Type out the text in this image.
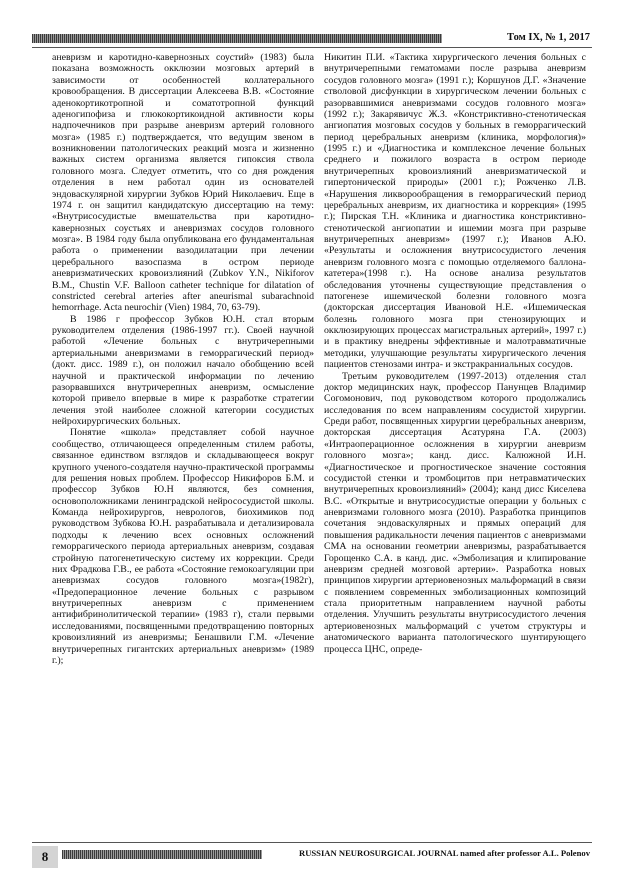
Том IX, № 1, 2017

аневризм и каротидно-кавернозных соустий» (1983) была показана возможность окклюзии мозговых артерий в зависимости от особенностей коллатерального кровообращения. В диссертации Алексеева В.В. «Состояние аденокортикотропной и соматотропной функций аденогипофиза и глюкокортикоидной активности коры надпочечников при разрыве аневризм артерий головного мозга» (1985 г.) подтверждается, что ведущим звеном в возникновении патологических реакций мозга и жизненно важных систем организма является гипоксия ствола головного мозга. Следует отметить, что со дня рождения отделения в нем работал один из основателей эндоваскулярной хирургии Зубков Юрий Николаевич. Еще в 1974 г. он защитил кандидатскую диссертацию на тему: «Внутрисосудистые вмешательства при каротидно-кавернозных соустьях и аневризмах сосудов головного мозга». В 1984 году была опубликована его фундаментальная работа о применении вазодилатации при лечении церебрального вазоспазма в остром периоде аневризматических кровоизлияний (Zubkov Y.N., Nikiforov B.M., Chustin V.F. Balloon catheter technique for dilatation of constricted cerebral arteries after aneurismal subarachnoid hemorrhage. Acta neurochir (Vien) 1984, 70, 63-79).

В 1986 г профессор Зубков Ю.Н. стал вторым руководителем отделения (1986-1997 гг.). Своей научной работой «Лечение больных с внутричерепными артериальными аневризмами в геморрагический период» (докт. дисс. 1989 г.), он положил начало обобщению всей научной и практической информации по лечению разорвавшихся внутричерепных аневризм, осмысление которой привело впервые в мире к разработке стратегии лечения этой наиболее сложной категории сосудистых нейрохирургических больных.

Понятие «школа» представляет собой научное сообщество, отличающееся определенным стилем работы, связанное единством взглядов и складывающееся вокруг крупного ученого-создателя научно-практической программы для решения новых проблем. Профессор Никифоров Б.М. и профессор Зубков Ю.Н являются, без сомнения, основоположниками ленинградской нейрососудистой школы. Команда нейрохирургов, неврологов, биохимиков под руководством Зубкова Ю.Н. разрабатывала и детализировала подходы к лечению всех основных осложнений геморрагического периода артериальных аневризм, создавая стройную патогенетическую систему их коррекции. Среди них Фрадкова Г.В., ее работа «Состояние гемокоагуляции при аневризмах сосудов головного мозга»(1982г), «Предоперационное лечение больных с разрывом внутричерепных аневризм с применением антифибринолитической терапии» (1983 г), стали первыми исследованиями, посвященными предотвращению повторных кровоизлияний из аневризмы; Бенашвили Г.М. «Лечение внутричерепных гигантских артериальных аневризм» (1989 г.);

Никитин П.И. «Тактика хирургического лечения больных с внутричерепными гематомами после разрыва аневризм сосудов головного мозга» (1991 г.); Коршунов Д.Г. «Значение стволовой дисфункции в хирургическом лечении больных с разорвавшимися аневризмами сосудов головного мозга» (1992 г.); Закарявичус Ж.З. «Констриктивно-стенотическая ангиопатия мозговых сосудов у больных в геморрагический период церебральных аневризм (клиника, морфология)» (1995 г.) и «Диагностика и комплексное лечение больных среднего и пожилого возраста в остром периоде внутричерепных кровоизлияний аневризматической и гипертонической природы» (2001 г.); Рожченко Л.В. «Нарушения ликворообращения в геморрагический период церебральных аневризм, их диагностика и коррекция» (1995 г.); Пирская Т.Н. «Клиника и диагностика констриктивно-стенотической ангиопатии и ишемии мозга при разрыве внутричерепных аневризм» (1997 г.); Иванов А.Ю. «Результаты и осложнения внутрисосудистого лечения аневризм головного мозга с помощью отделяемого баллона-катетера»(1998 г.). На основе анализа результатов обследования уточнены существующие представления о патогенезе ишемической болезни головного мозга (докторская диссертация Ивановой Н.Е. «Ишемическая болезнь головного мозга при стенозирующих и окклюзирующих процессах магистральных артерий», 1997 г.) и в практику внедрены эффективные и малотравматичные методики, улучшающие результаты хирургического лечения пациентов стенозами интра- и экстракраниальных сосудов.

Третьим руководителем (1997-2013) отделения стал доктор медицинских наук, профессор Панунцев Владимир Согомонович, под руководством которого продолжались исследования по всем направлениям сосудистой хирургии. Среди работ, посвященных хирургии церебральных аневризм, докторская диссертация Асатуряна Г.А. (2003) «Интраоперационное осложнения в хирургии аневризм головного мозга»; канд. дисс. Калюжной И.Н. «Диагностическое и прогностическое значение состояния сосудистой стенки и тромбоцитов при нетравматических внутричерепных кровоизлияний» (2004); канд дисс Киселева В.С. «Открытые и внутрисосудистые операции у больных с аневризмами головного мозга (2010). Разработка принципов сочетания эндоваскулярных и прямых операций для повышения радикальности лечения пациентов с аневризмами СМА на основании геометрии аневризмы, разрабатывается Горощенко С.А. в канд. дис. «Эмболизация и клипирование аневризм средней мозговой артерии». Разработка новых принципов хирургии артериовенозных мальформаций в связи с появлением современных эмболизационных композиций стала приоритетным направлением научной работы отделения. Улучшить результаты внутрисосудистого лечения артериовенозных мальформаций с учетом структуры и анатомического варианта патологического шунтирующего процесса ЦНС, опреде-

8	RUSSIAN NEUROSURGICAL JOURNAL named after professor A.L. Polenov
